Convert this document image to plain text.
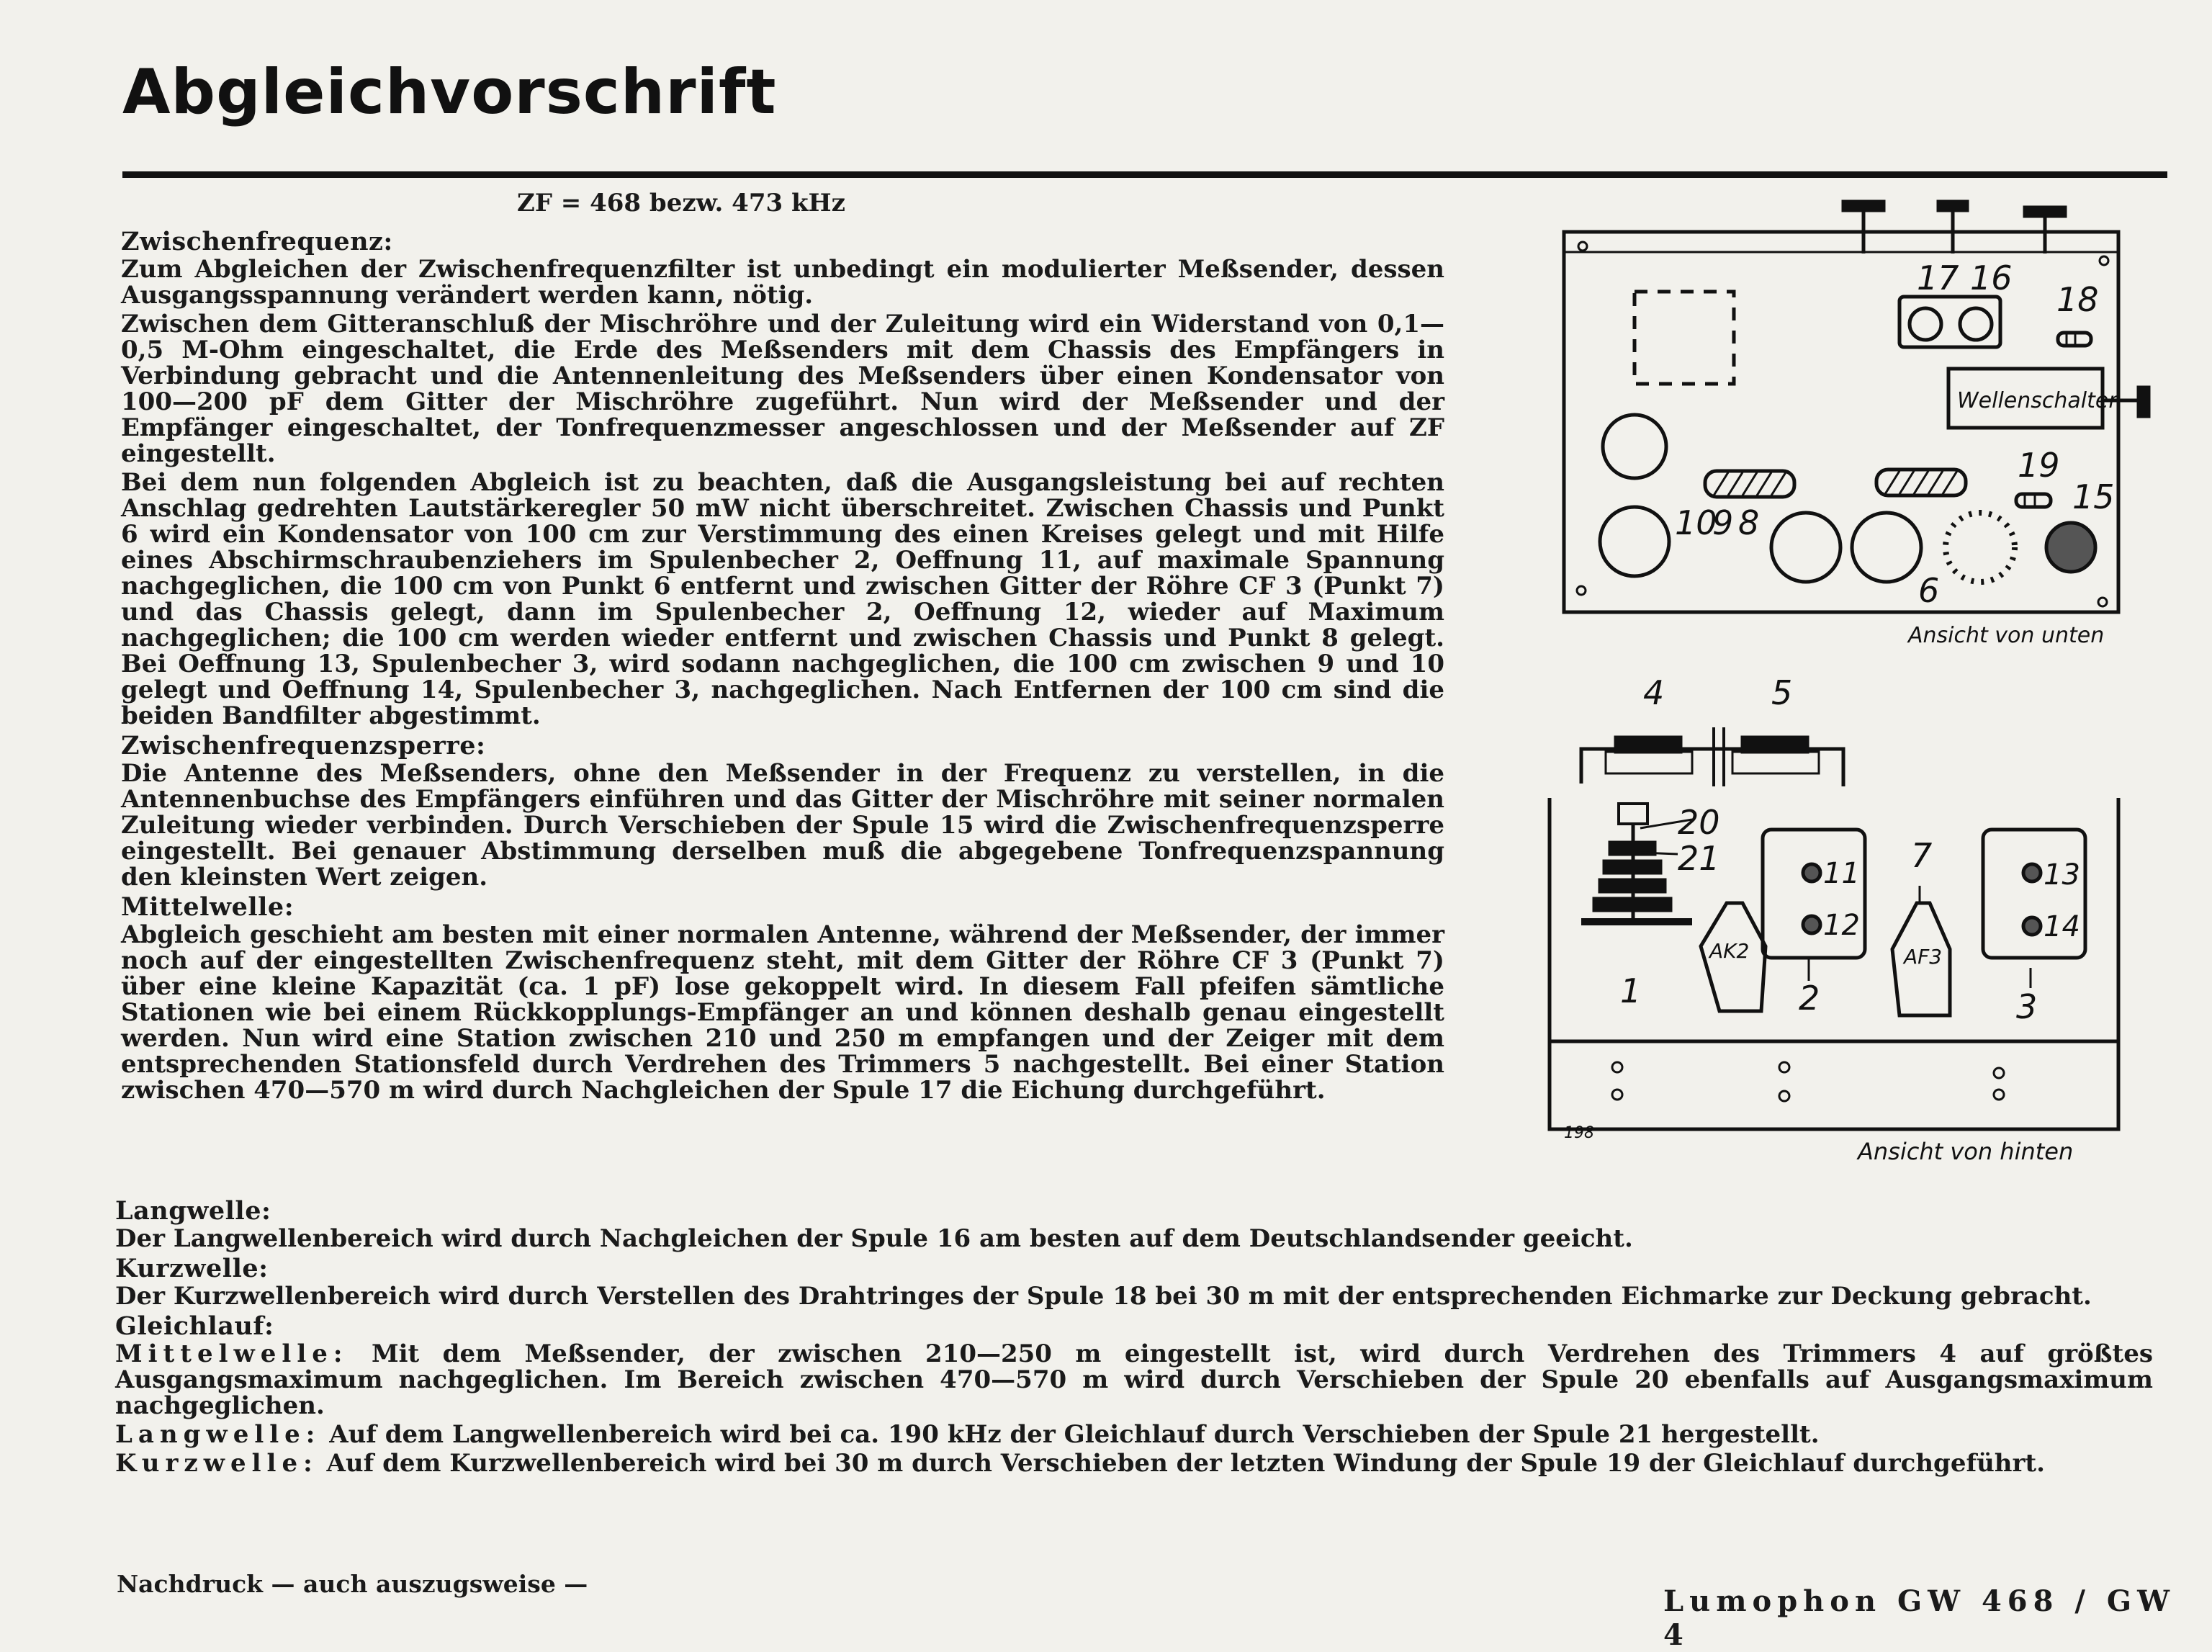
Abgleichvorschrift
ZF = 468 bezw. 473 kHz
Zwischenfrequenz:

Zum Abgleichen der Zwischenfrequenzfilter ist unbedingt ein modulierter Meßsender, dessen Ausgangsspannung verändert werden kann, nötig.

Zwischen dem Gitteranschluß der Mischröhre und der Zuleitung wird ein Widerstand von 0,1—0,5 M-Ohm eingeschaltet, die Erde des Meßsenders mit dem Chassis des Empfängers in Verbindung gebracht und die Antennenleitung des Meßsenders über einen Kondensator von 100—200 pF dem Gitter der Mischröhre zugeführt. Nun wird der Meßsender und der Empfänger eingeschaltet, der Tonfrequenzmesser angeschlossen und der Meßsender auf ZF eingestellt.

Bei dem nun folgenden Abgleich ist zu beachten, daß die Ausgangsleistung bei auf rechten Anschlag gedrehten Lautstärkeregler 50 mW nicht überschreitet. Zwischen Chassis und Punkt 6 wird ein Kondensator von 100 cm zur Verstimmung des einen Kreises gelegt und mit Hilfe eines Abschirmschraubenziehers im Spulenbecher 2, Oeffnung 11, auf maximale Spannung nachgeglichen, die 100 cm von Punkt 6 entfernt und zwischen Gitter der Röhre CF 3 (Punkt 7) und das Chassis gelegt, dann im Spulenbecher 2, Oeffnung 12, wieder auf Maximum nachgeglichen; die 100 cm werden wieder entfernt und zwischen Chassis und Punkt 8 gelegt. Bei Oeffnung 13, Spulenbecher 3, wird sodann nachgeglichen, die 100 cm zwischen 9 und 10 gelegt und Oeffnung 14, Spulenbecher 3, nachgeglichen. Nach Entfernen der 100 cm sind die beiden Bandfilter abgestimmt.

Zwischenfrequenzsperre:

Die Antenne des Meßsenders, ohne den Meßsender in der Frequenz zu verstellen, in die Antennenbuchse des Empfängers einführen und das Gitter der Mischröhre mit seiner normalen Zuleitung wieder verbinden. Durch Verschieben der Spule 15 wird die Zwischenfrequenzsperre eingestellt. Bei genauer Abstimmung derselben muß die abgegebene Tonfrequenzspannung den kleinsten Wert zeigen.

Mittelwelle:

Abgleich geschieht am besten mit einer normalen Antenne, während der Meßsender, der immer noch auf der eingestellten Zwischenfrequenz steht, mit dem Gitter der Röhre CF 3 (Punkt 7) über eine kleine Kapazität (ca. 1 pF) lose gekoppelt wird. In diesem Fall pfeifen sämtliche Stationen wie bei einem Rückkopplungs-Empfänger an und können deshalb genau eingestellt werden. Nun wird eine Station zwischen 210 und 250 m empfangen und der Zeiger mit dem entsprechenden Stationsfeld durch Verdrehen des Trimmers 5 nachgestellt. Bei einer Station zwischen 470—570 m wird durch Nachgleichen der Spule 17 die Eichung durchgeführt.

Langwelle:

Der Langwellenbereich wird durch Nachgleichen der Spule 16 am besten auf dem Deutschlandsender geeicht.

Kurzwelle:

Der Kurzwellenbereich wird durch Verstellen des Drahtringes der Spule 18 bei 30 m mit der entsprechenden Eichmarke zur Deckung gebracht.

Gleichlauf:

Mittelwelle: Mit dem Meßsender, der zwischen 210—250 m eingestellt ist, wird durch Verdrehen des Trimmers 4 auf größtes Ausgangsmaximum nachgeglichen. Im Bereich zwischen 470—570 m wird durch Verschieben der Spule 20 ebenfalls auf Ausgangsmaximum nachgeglichen.

Langwelle: Auf dem Langwellenbereich wird bei ca. 190 kHz der Gleichlauf durch Verschieben der Spule 21 hergestellt.

Kurzwelle: Auf dem Kurzwellenbereich wird bei 30 m durch Verschieben der letzten Windung der Spule 19 der Gleichlauf durchgeführt.

Nachdruck — auch auszugsweise —
Lumophon GW 468 / GW 4
17 16
18
19
15
10
9 8
6
Wellenschalter
Ansicht von unten
4	5
20
21
1	2	3
7
11
12
13
14
AK2	AF3
198
Ansicht von hinten
